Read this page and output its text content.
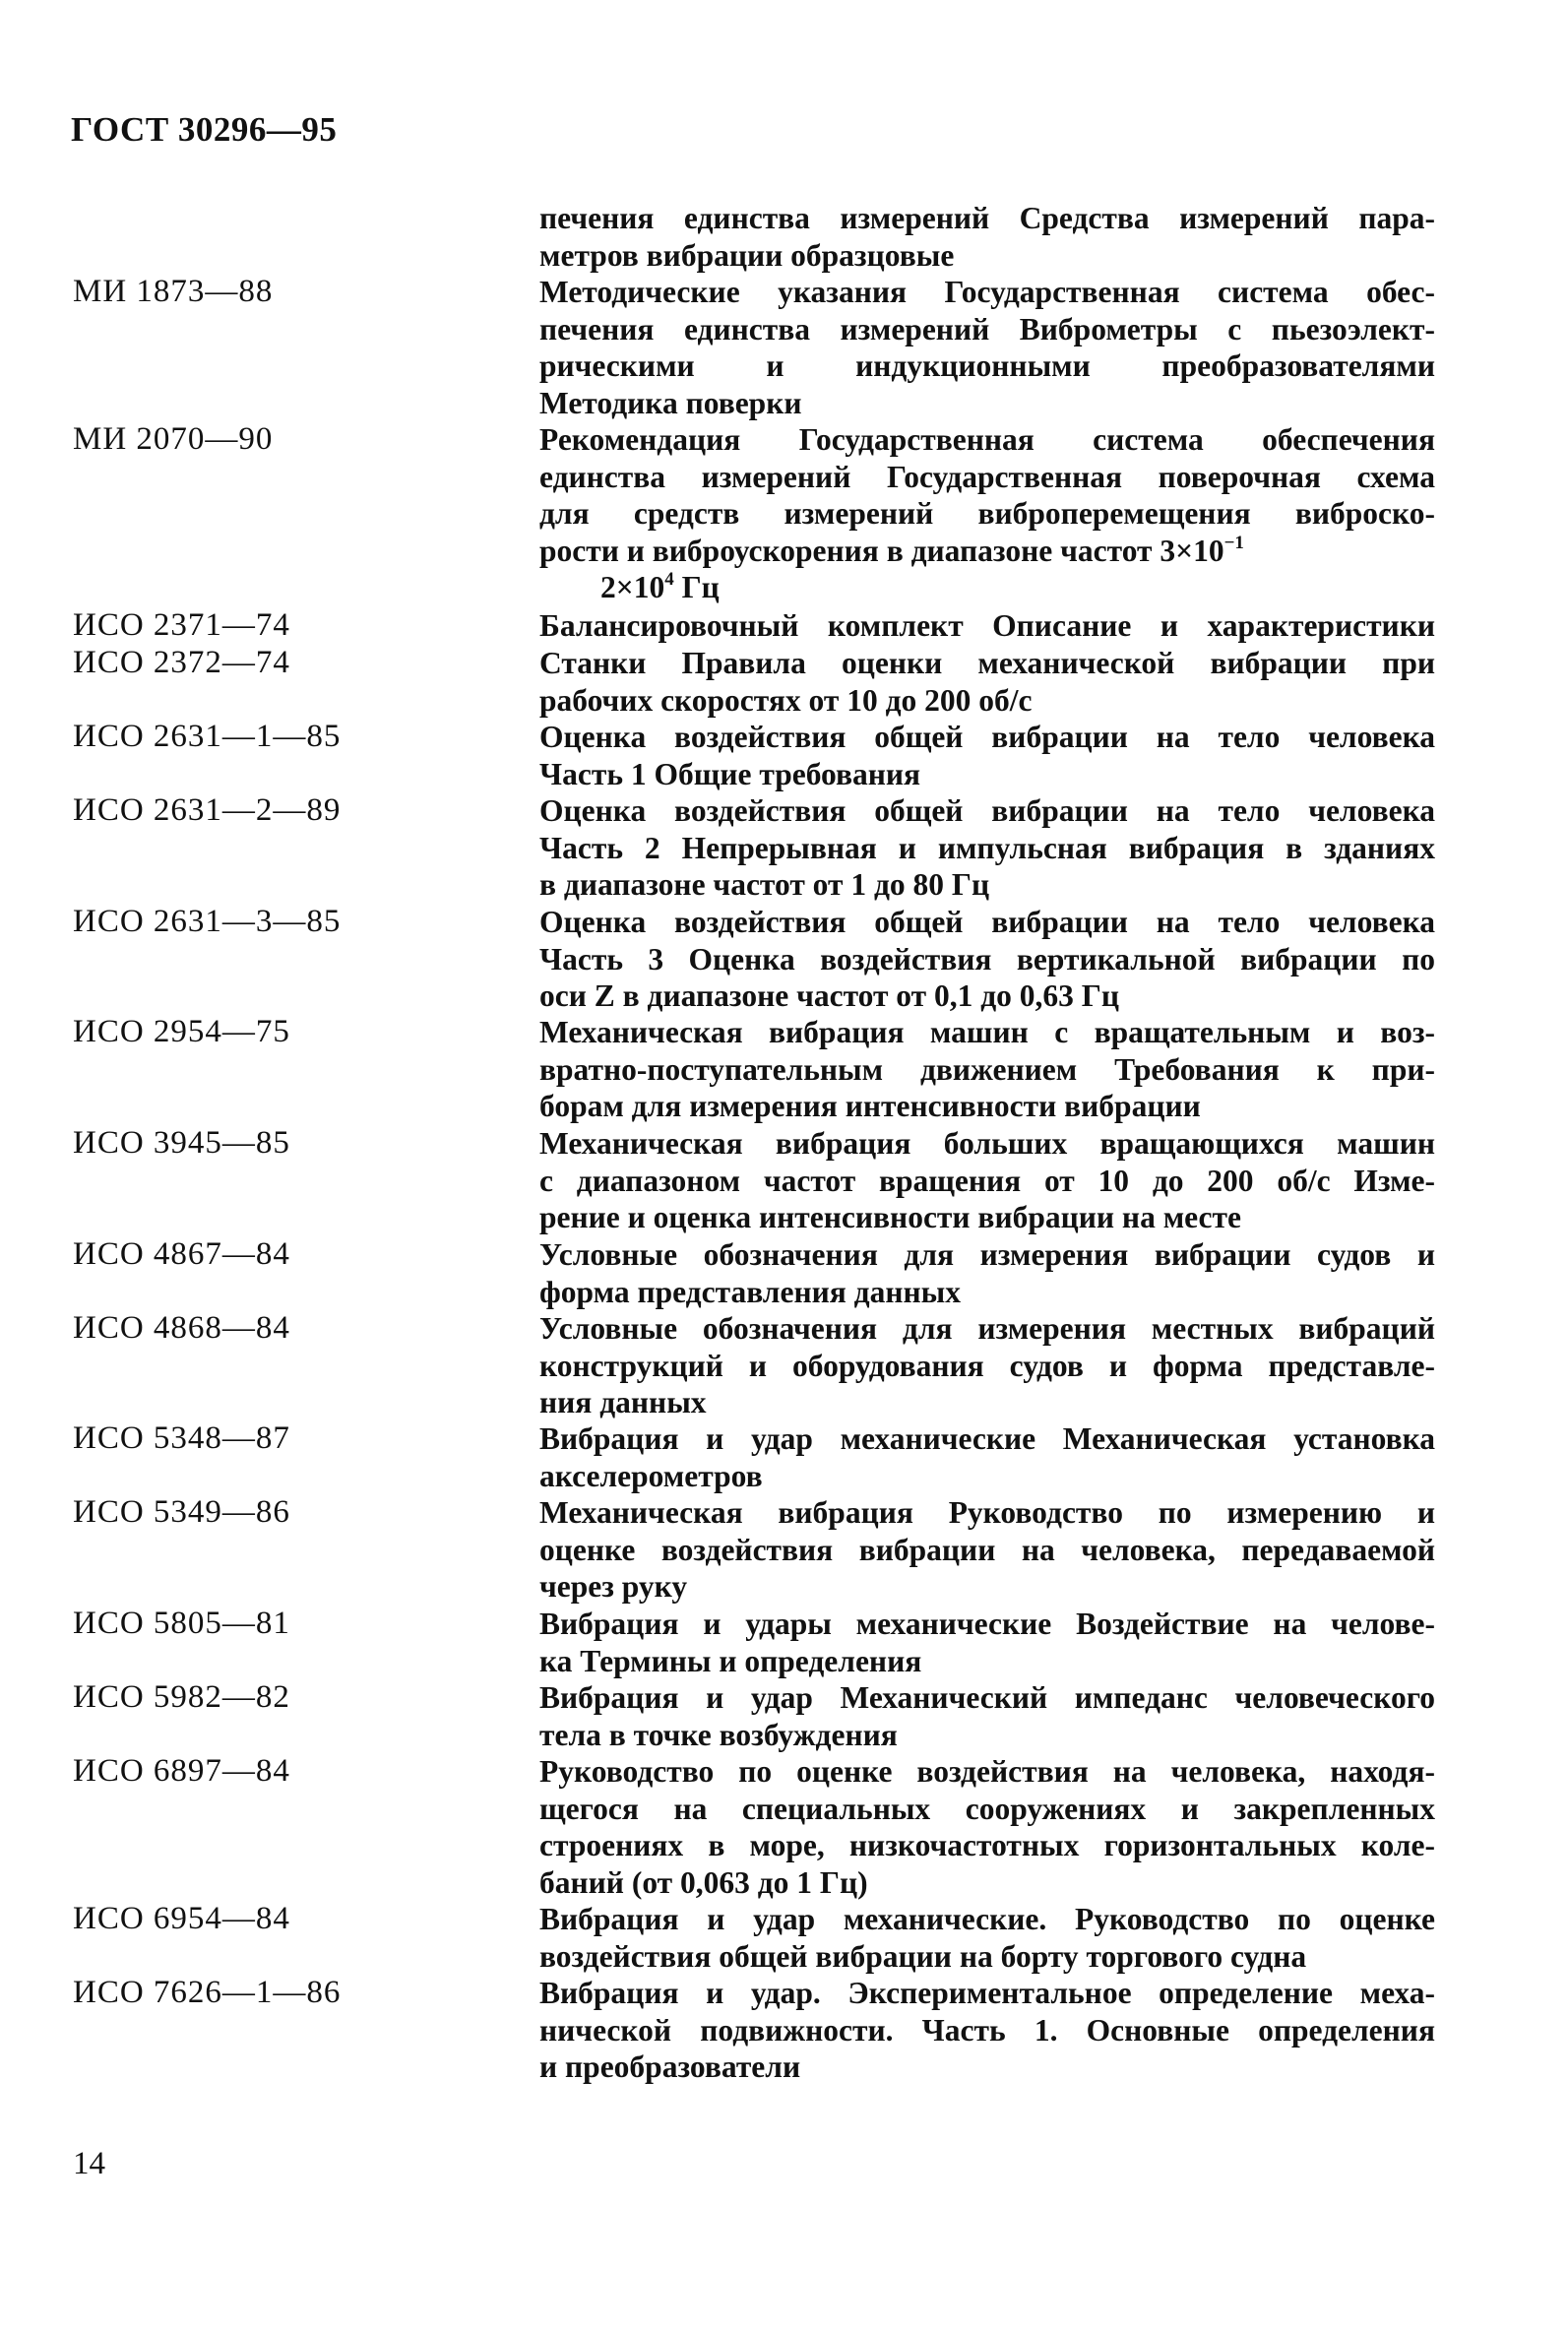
ГОСТ 30296—95
печения единства измерений Средства измерений пара-
метров вибрации образцовые
МИ 1873—88	Методические указания Государственная система обес-
печения единства измерений Виброметры с пьезоэлект-
рическими и индукционными преобразователями
Методика поверки
МИ 2070—90	Рекомендация Государственная система обеспечения
единства измерений Государственная поверочная схема
для средств измерений виброперемещения виброско-
рости и виброускорения в диапазоне частот $3\times 10^{-1}$
$2\times 10^4$ Гц
ИСО 2371—74	Балансировочный комплект Описание и характеристики
ИСО 2372—74	Станки Правила оценки механической вибрации при
рабочих скоростях от 10 до 200 об/с
ИСО 2631—1—85	Оценка воздействия общей вибрации на тело человека
Часть 1 Общие требования
ИСО 2631—2—89	Оценка воздействия общей вибрации на тело человека
Часть 2 Непрерывная и импульсная вибрация в зданиях
в диапазоне частот от 1 до 80 Гц
ИСО 2631—3—85	Оценка воздействия общей вибрации на тело человека
Часть 3 Оценка воздействия вертикальной вибрации по
оси Z в диапазоне частот от 0,1 до 0,63 Гц
ИСО 2954—75	Механическая вибрация машин с вращательным и воз-
вратно-поступательным движением Требования к при-
борам для измерения интенсивности вибрации
ИСО 3945—85	Механическая вибрация больших вращающихся машин
с диапазоном частот вращения от 10 до 200 об/с Изме-
рение и оценка интенсивности вибрации на месте
ИСО 4867—84	Условные обозначения для измерения вибрации судов и
форма представления данных
ИСО 4868—84	Условные обозначения для измерения местных вибраций
конструкций и оборудования судов и форма представле-
ния данных
ИСО 5348—87	Вибрация и удар механические Механическая установка
акселерометров
ИСО 5349—86	Механическая вибрация Руководство по измерению и
оценке воздействия вибрации на человека, передаваемой
через руку
ИСО 5805—81	Вибрация и удары механические Воздействие на челове-
ка Термины и определения
ИСО 5982—82	Вибрация и удар Механический импеданс человеческого
тела в точке возбуждения
ИСО 6897—84	Руководство по оценке воздействия на человека, находя-
щегося на специальных сооружениях и закрепленных
строениях в море, низкочастотных горизонтальных коле-
баний (от 0,063 до 1 Гц)
ИСО 6954—84	Вибрация и удар механические. Руководство по оценке
воздействия общей вибрации на борту торгового судна
ИСО 7626—1—86	Вибрация и удар. Экспериментальное определение меха-
нической подвижности. Часть 1. Основные определения
и преобразователи
14
